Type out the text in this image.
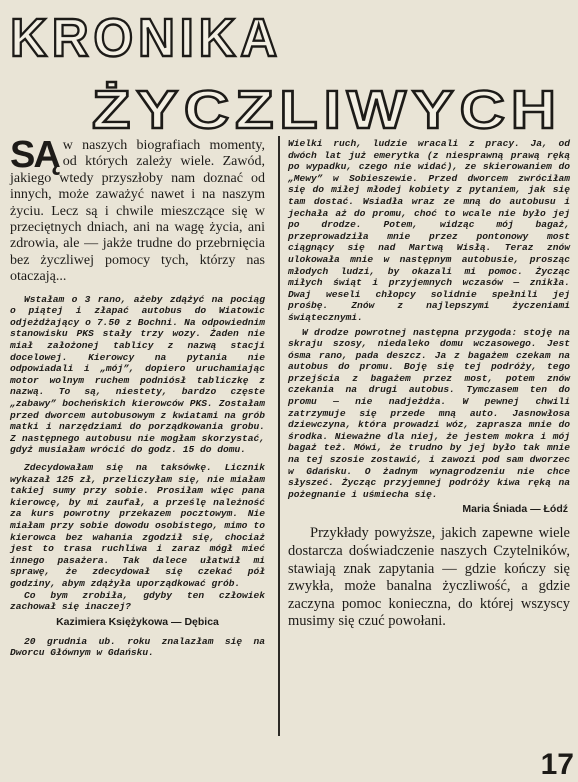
KRONIKA
ŻYCZLIWYCH

SĄ w naszych biografiach momenty, od których zależy wiele. Zawód, jakiego wtedy przyszłoby nam doznać od innych, może zaważyć nawet i na naszym życiu. Lecz są i chwile mieszczące się w przeciętnych dniach, ani na wagę życia, ani zdrowia, ale — jakże trudne do przebrnięcia bez życzliwej pomocy tych, którzy nas otaczają...

Wstałam o 3 rano, ażeby zdążyć na pociąg o piątej i złapać autobus do Wiatowic odjeżdżający o 7.50 z Bochni. Na odpowiednim stanowisku PKS stały trzy wozy. Żaden nie miał założonej tablicy z nazwą stacji docelowej. Kierowcy na pytania nie odpowiadali i „mój”, dopiero uruchamiając motor wolnym ruchem podniósł tabliczkę z nazwą. To są, niestety, bardzo częste „zabawy” bocheńskich kierowców PKS. Zostałam przed dworcem autobusowym z kwiatami na grób matki i narzędziami do porządkowania grobu. Z następnego autobusu nie mogłam skorzystać, gdyż musiałam wrócić do godz. 15 do domu.

Zdecydowałam się na taksówkę. Licznik wykazał 125 zł, przeliczyłam się, nie miałam takiej sumy przy sobie. Prosiłam więc pana kierowcę, by mi zaufał, a prześlę należność za kurs powrotny przekazem pocztowym. Nie miałam przy sobie dowodu osobistego, mimo to kierowca bez wahania zgodził się, chociaż jest to trasa ruchliwa i zaraz mógł mieć innego pasażera. Tak dalece ułatwił mi sprawę, że zdecydował się czekać pół godziny, abym zdążyła uporządkować grób.

Co bym zrobiła, gdyby ten człowiek zachował się inaczej?

Kazimiera Księżykowa — Dębica

20 grudnia ub. roku znalazłam się na Dworcu Głównym w Gdańsku.

Wielki ruch, ludzie wracali z pracy. Ja, od dwóch lat już emerytka (z niesprawną prawą ręką po wypadku, czego nie widać), ze skierowaniem do „Mewy” w Sobieszewie. Przed dworcem zwróciłam się do miłej młodej kobiety z pytaniem, jak się tam dostać. Wsiadła wraz ze mną do autobusu i jechała aż do promu, choć to wcale nie było jej po drodze. Potem, widząc mój bagaż, przeprowadziła mnie przez pontonowy most ciągnący się nad Martwą Wisłą. Teraz znów ulokowała mnie w następnym autobusie, prosząc młodych ludzi, by okazali mi pomoc. Życząc miłych świąt i przyjemnych wczasów — znikła. Dwaj weseli chłopcy solidnie spełnili jej prośbę. Znów z najlepszymi życzeniami świątecznymi.

W drodze powrotnej następna przygoda: stoję na skraju szosy, niedaleko domu wczasowego. Jest ósma rano, pada deszcz. Ja z bagażem czekam na autobus do promu. Boję się tej podróży, tego przejścia z bagażem przez most, potem znów czekania na drugi autobus. Tymczasem ten do promu — nie nadjeżdża. W pewnej chwili zatrzymuje się przede mną auto. Jasnowłosa dziewczyna, która prowadzi wóz, zaprasza mnie do środka. Nieważne dla niej, że jestem mokra i mój bagaż też. Mówi, że trudno by jej było tak mnie na tej szosie zostawić, i zawozi pod sam dworzec w Gdańsku. O żadnym wynagrodzeniu nie chce słyszeć. Życząc przyjemnej podróży kiwa ręką na pożegnanie i uśmiecha się.

Maria Śniada — Łódź

Przykłady powyższe, jakich zapewne wiele dostarcza doświadczenie naszych Czytelników, stawiają znak zapytania — gdzie kończy się zwykła, może banalna życzliwość, a gdzie zaczyna pomoc konieczna, do której wszyscy musimy się czuć powołani.

17
